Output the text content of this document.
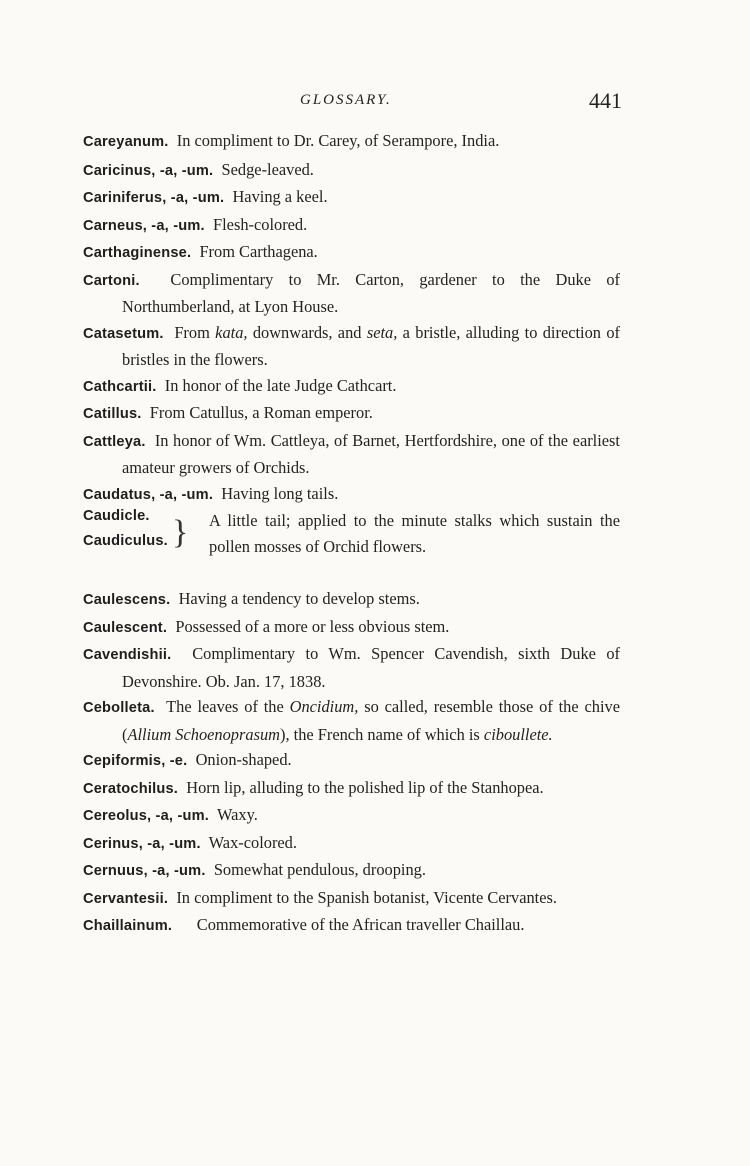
GLOSSARY.	441

Careyanum. In compliment to Dr. Carey, of Serampore, India.

Caricinus, -a, -um. Sedge-leaved.

Cariniferus, -a, -um. Having a keel.

Carneus, -a, -um. Flesh-colored.

Carthaginense. From Carthagena.

Cartoni. Complimentary to Mr. Carton, gardener to the Duke of Northumberland, at Lyon House.

Catasetum. From kata, downwards, and seta, a bristle, alluding to direction of bristles in the flowers.

Cathcartii. In honor of the late Judge Cathcart.

Catillus. From Catullus, a Roman emperor.

Cattleya. In honor of Wm. Cattleya, of Barnet, Hertfordshire, one of the earliest amateur growers of Orchids.

Caudatus, -a, -um. Having long tails.

Caudicle.
Caudiculus. } A little tail; applied to the minute stalks which sustain the pollen mosses of Orchid flowers.

Caulescens. Having a tendency to develop stems.

Caulescent. Possessed of a more or less obvious stem.

Cavendishii. Complimentary to Wm. Spencer Cavendish, sixth Duke of Devonshire. Ob. Jan. 17, 1838.

Cebolleta. The leaves of the Oncidium, so called, resemble those of the chive (Allium Schoenoprasum), the French name of which is ciboullete.

Cepiformis, -e. Onion-shaped.

Ceratochilus. Horn lip, alluding to the polished lip of the Stanhopea.

Cereolus, -a, -um. Waxy.

Cerinus, -a, -um. Wax-colored.

Cernuus, -a, -um. Somewhat pendulous, drooping.

Cervantesii. In compliment to the Spanish botanist, Vicente Cervantes.

Chaillainum. Commemorative of the African traveller Chaillau.
